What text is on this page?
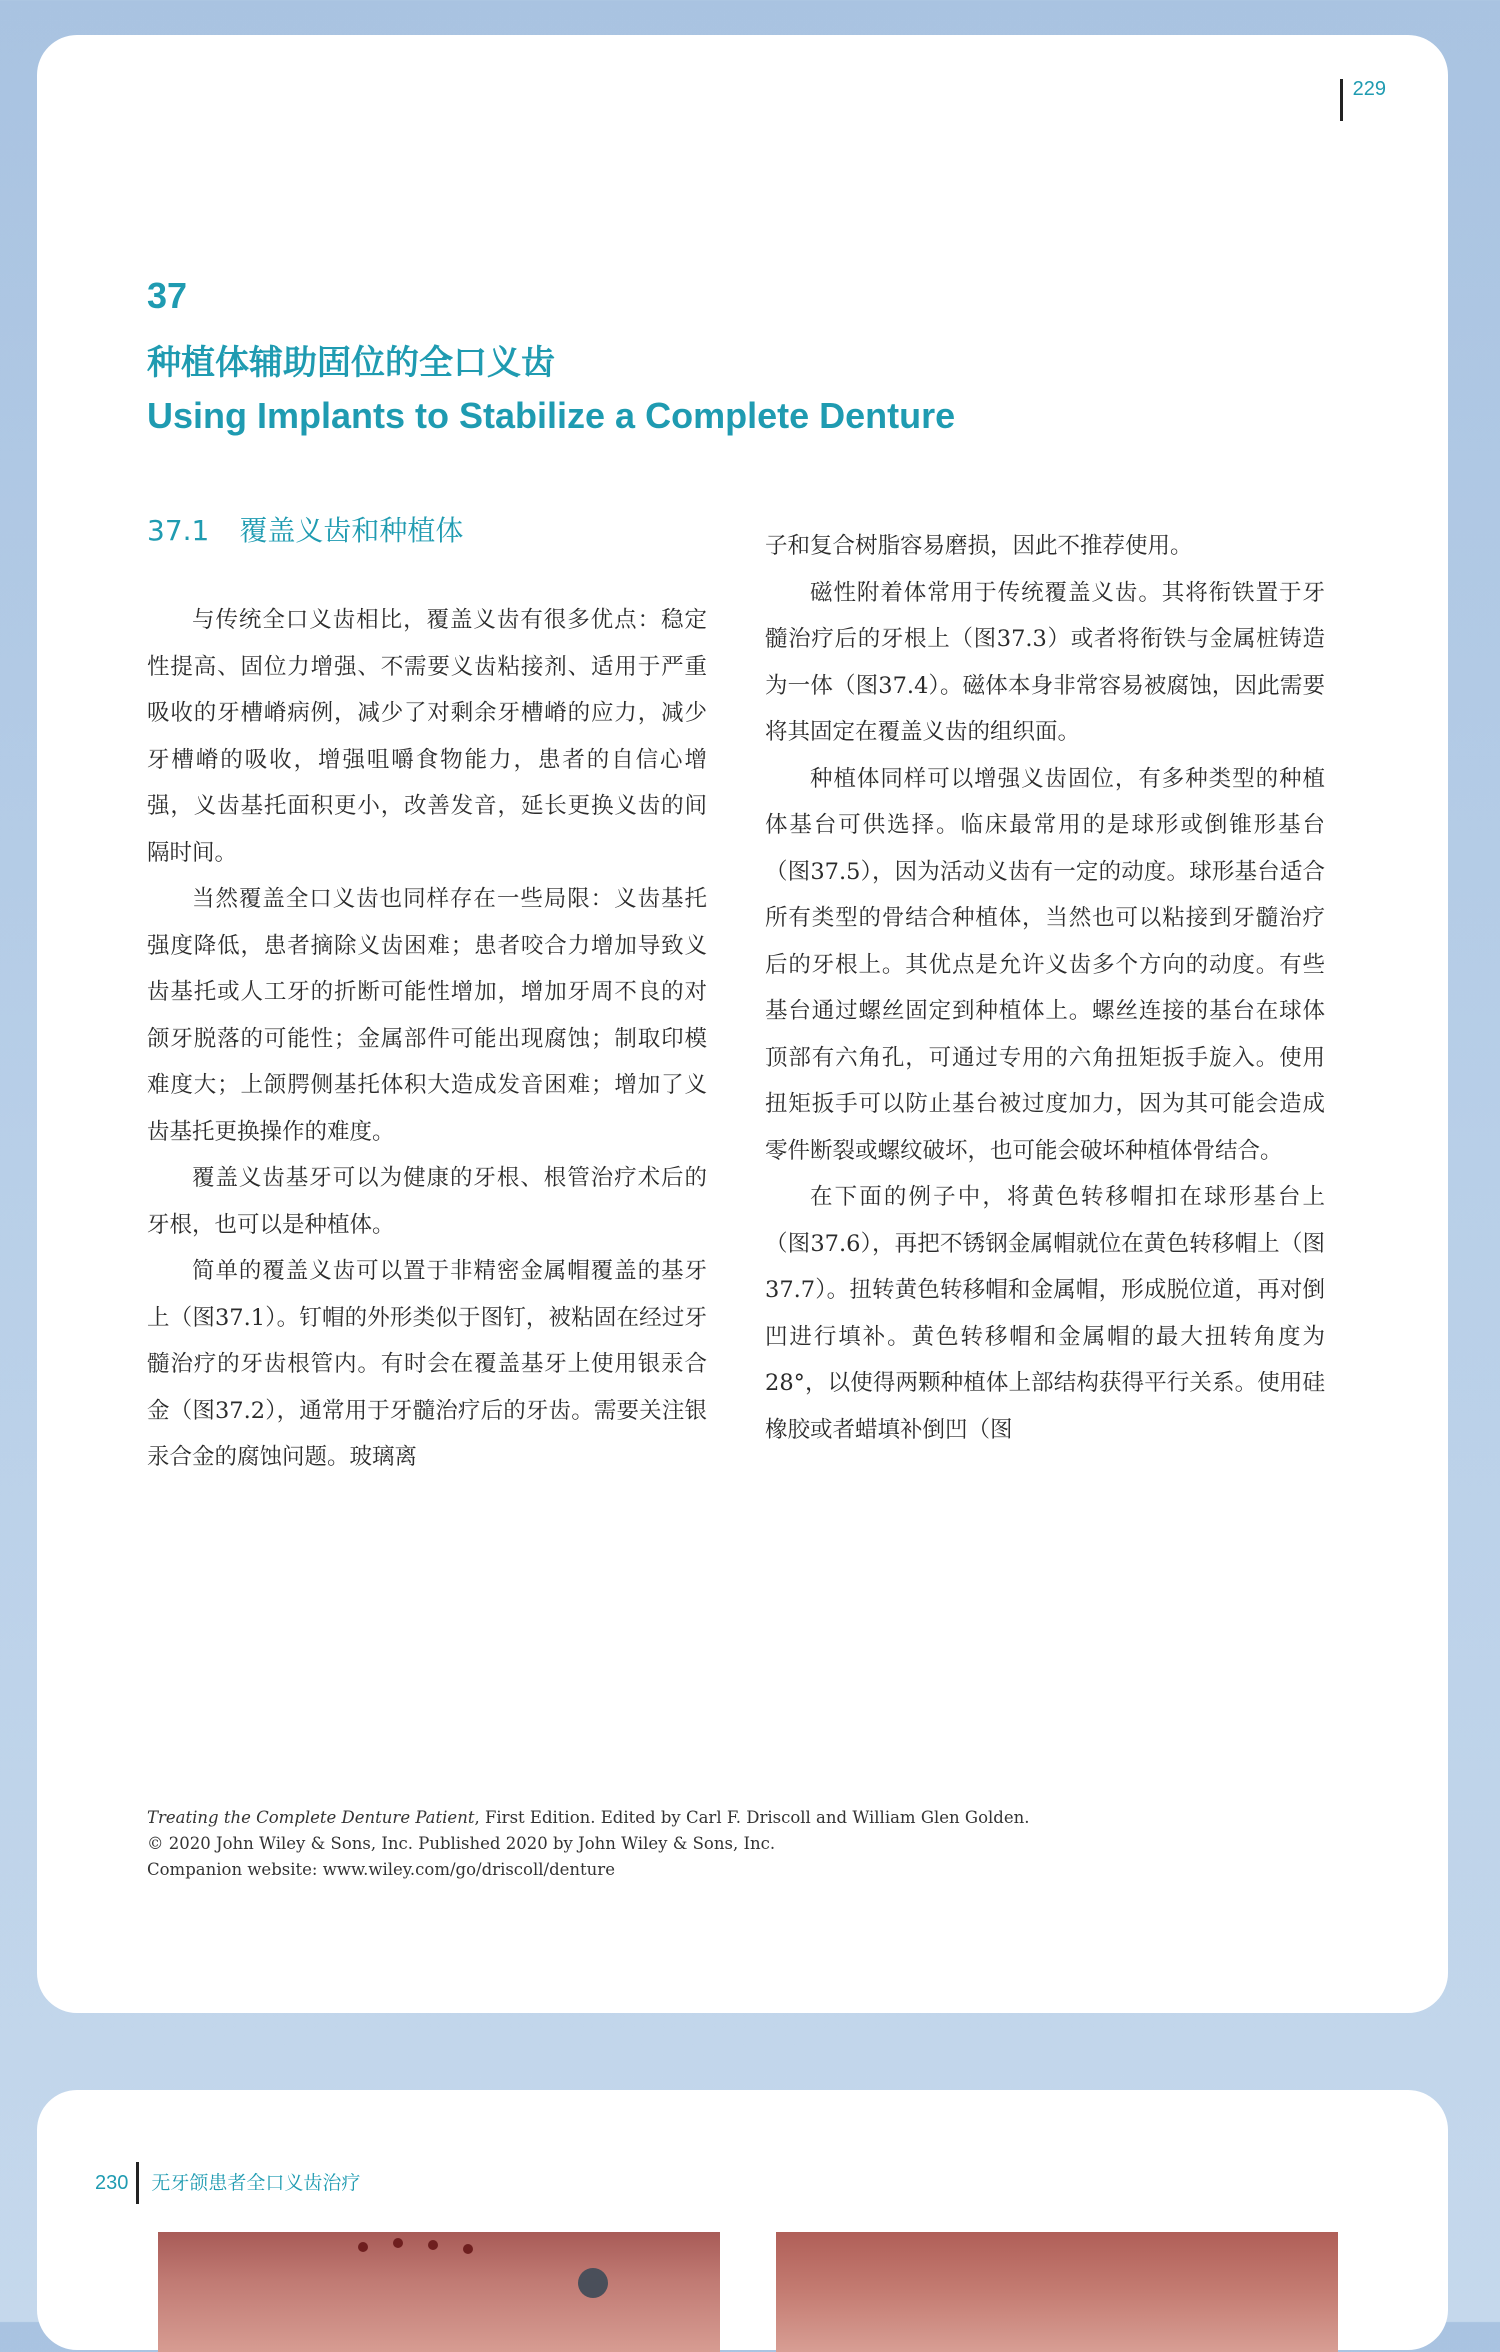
229
37
种植体辅助固位的全口义齿
Using Implants to Stabilize a Complete Denture
37.1 覆盖义齿和种植体

与传统全口义齿相比，覆盖义齿有很多优点：稳定性提高、固位力增强、不需要义齿粘接剂、适用于严重吸收的牙槽嵴病例，减少了对剩余牙槽嵴的应力，减少牙槽嵴的吸收，增强咀嚼食物能力，患者的自信心增强，义齿基托面积更小，改善发音，延长更换义齿的间隔时间。

当然覆盖全口义齿也同样存在一些局限：义齿基托强度降低，患者摘除义齿困难；患者咬合力增加导致义齿基托或人工牙的折断可能性增加，增加牙周不良的对颌牙脱落的可能性；金属部件可能出现腐蚀；制取印模难度大；上颌腭侧基托体积大造成发音困难；增加了义齿基托更换操作的难度。

覆盖义齿基牙可以为健康的牙根、根管治疗术后的牙根，也可以是种植体。

简单的覆盖义齿可以置于非精密金属帽覆盖的基牙上（图37.1）。钉帽的外形类似于图钉，被粘固在经过牙髓治疗的牙齿根管内。有时会在覆盖基牙上使用银汞合金（图37.2），通常用于牙髓治疗后的牙齿。需要关注银汞合金的腐蚀问题。玻璃离

子和复合树脂容易磨损，因此不推荐使用。

磁性附着体常用于传统覆盖义齿。其将衔铁置于牙髓治疗后的牙根上（图37.3）或者将衔铁与金属桩铸造为一体（图37.4）。磁体本身非常容易被腐蚀，因此需要将其固定在覆盖义齿的组织面。

种植体同样可以增强义齿固位，有多种类型的种植体基台可供选择。临床最常用的是球形或倒锥形基台（图37.5），因为活动义齿有一定的动度。球形基台适合所有类型的骨结合种植体，当然也可以粘接到牙髓治疗后的牙根上。其优点是允许义齿多个方向的动度。有些基台通过螺丝固定到种植体上。螺丝连接的基台在球体顶部有六角孔，可通过专用的六角扭矩扳手旋入。使用扭矩扳手可以防止基台被过度加力，因为其可能会造成零件断裂或螺纹破坏，也可能会破坏种植体骨结合。

在下面的例子中，将黄色转移帽扣在球形基台上（图37.6），再把不锈钢金属帽就位在黄色转移帽上（图37.7）。扭转黄色转移帽和金属帽，形成脱位道，再对倒凹进行填补。黄色转移帽和金属帽的最大扭转角度为28°，以使得两颗种植体上部结构获得平行关系。使用硅橡胶或者蜡填补倒凹（图

Treating the Complete Denture Patient, First Edition. Edited by Carl F. Driscoll and William Glen Golden.
© 2020 John Wiley & Sons, Inc. Published 2020 by John Wiley & Sons, Inc.
Companion website: www.wiley.com/go/driscoll/denture
230	无牙颌患者全口义齿治疗
